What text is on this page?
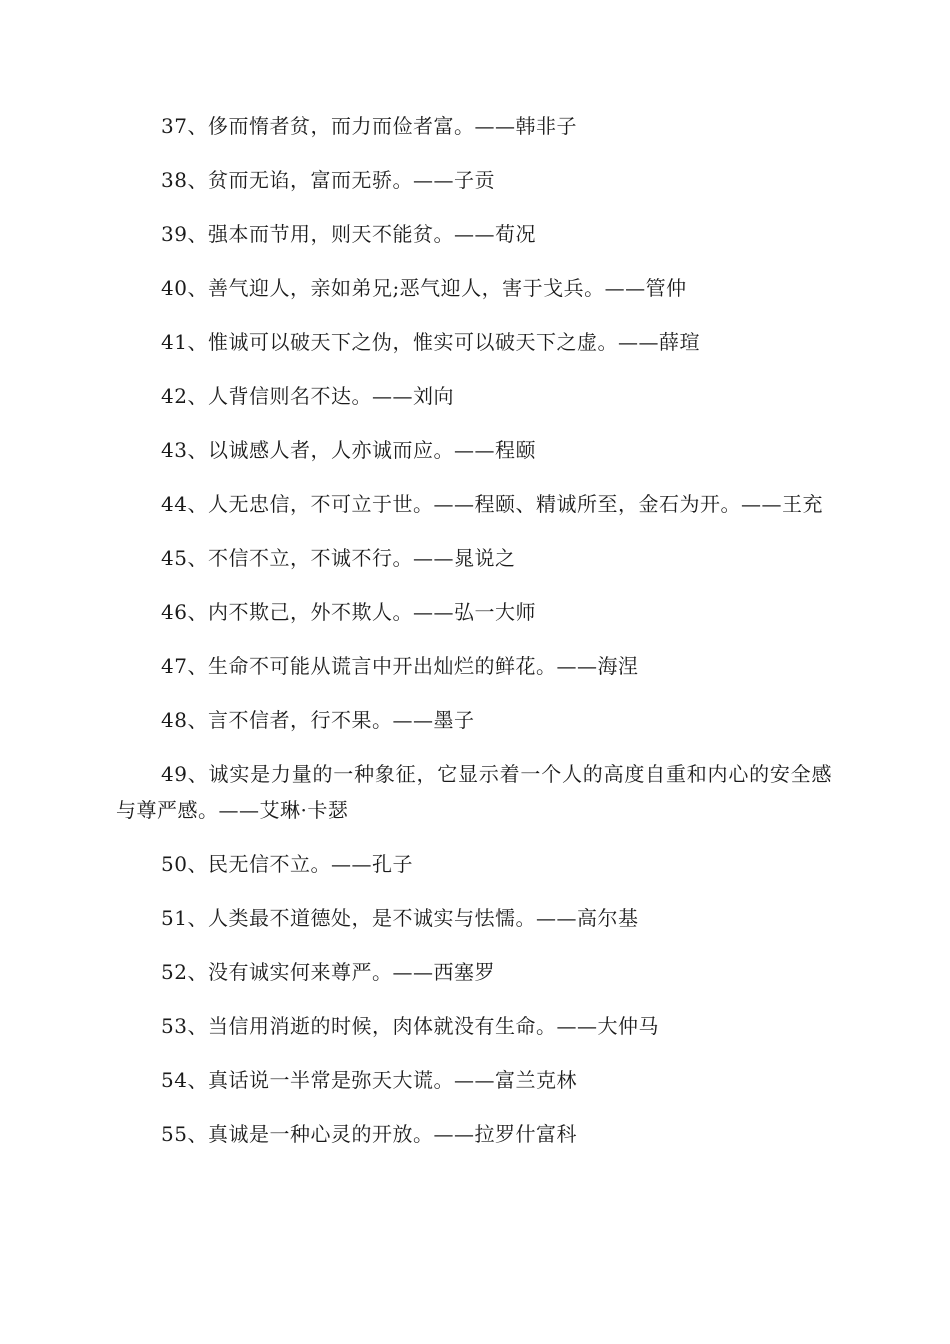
37、侈而惰者贫，而力而俭者富。——韩非子

38、贫而无谄，富而无骄。——子贡

39、强本而节用，则天不能贫。——荀况

40、善气迎人，亲如弟兄;恶气迎人，害于戈兵。——管仲

41、惟诚可以破天下之伪，惟实可以破天下之虚。——薛瑄

42、人背信则名不达。——刘向

43、以诚感人者，人亦诚而应。——程颐

44、人无忠信，不可立于世。——程颐、精诚所至，金石为开。——王充

45、不信不立，不诚不行。——晁说之

46、内不欺己，外不欺人。——弘一大师

47、生命不可能从谎言中开出灿烂的鲜花。——海涅

48、言不信者，行不果。——墨子

49、诚实是力量的一种象征，它显示着一个人的高度自重和内心的安全感与尊严感。——艾琳·卡瑟

50、民无信不立。——孔子

51、人类最不道德处，是不诚实与怯懦。——高尔基

52、没有诚实何来尊严。——西塞罗

53、当信用消逝的时候，肉体就没有生命。——大仲马

54、真话说一半常是弥天大谎。——富兰克林

55、真诚是一种心灵的开放。——拉罗什富科
